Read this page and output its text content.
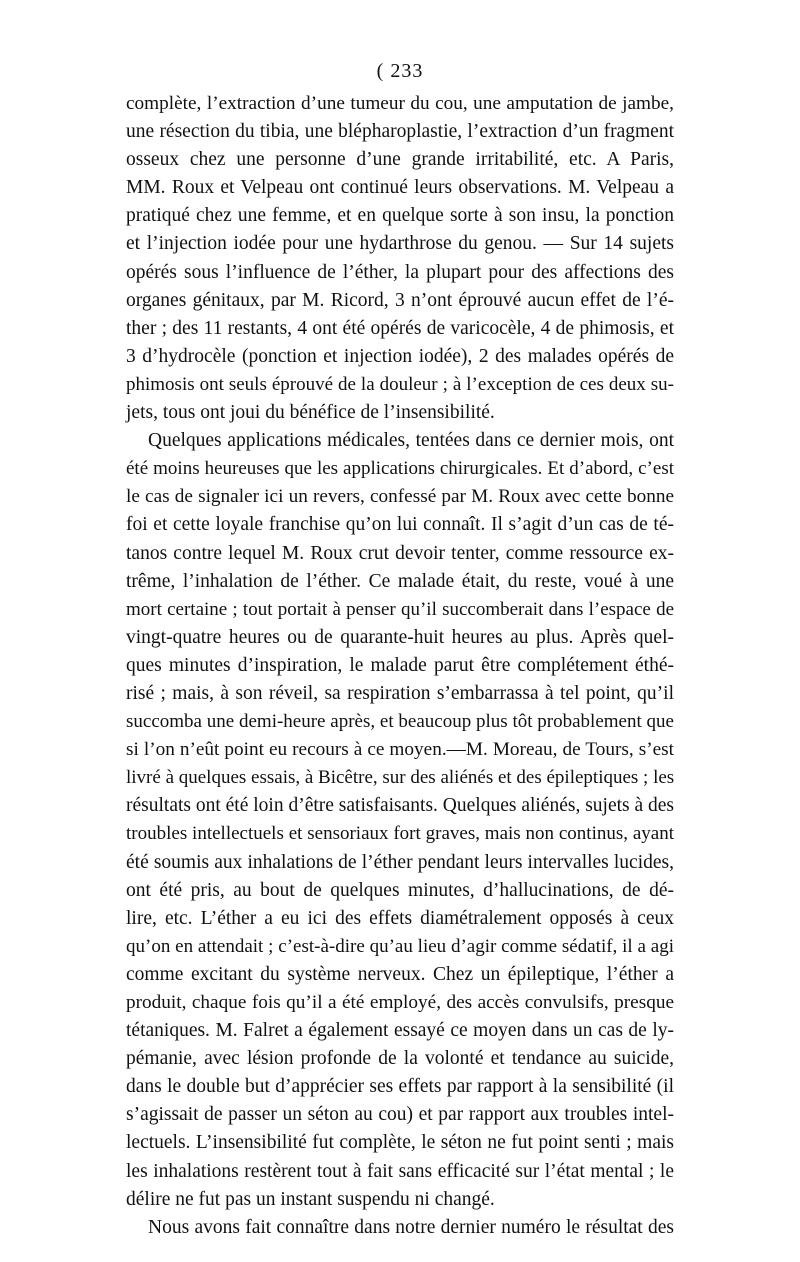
( 233
complète, l’extraction d’une tumeur du cou, une amputation de jambe,
une résection du tibia, une blépharoplastie, l’extraction d’un fragment
osseux chez une personne d’une grande irritabilité, etc. A Paris,
MM. Roux et Velpeau ont continué leurs observations. M. Velpeau a
pratiqué chez une femme, et en quelque sorte à son insu, la ponction
et l’injection iodée pour une hydarthrose du genou. — Sur 14 sujets
opérés sous l’influence de l’éther, la plupart pour des affections des
organes génitaux, par M. Ricord, 3 n’ont éprouvé aucun effet de l’é-
ther ; des 11 restants, 4 ont été opérés de varicocèle, 4 de phimosis, et
3 d’hydrocèle (ponction et injection iodée), 2 des malades opérés de
phimosis ont seuls éprouvé de la douleur ; à l’exception de ces deux su-
jets, tous ont joui du bénéfice de l’insensibilité.
Quelques applications médicales, tentées dans ce dernier mois, ont
été moins heureuses que les applications chirurgicales. Et d’abord, c’est
le cas de signaler ici un revers, confessé par M. Roux avec cette bonne
foi et cette loyale franchise qu’on lui connaît. Il s’agit d’un cas de té-
tanos contre lequel M. Roux crut devoir tenter, comme ressource ex-
trême, l’inhalation de l’éther. Ce malade était, du reste, voué à une
mort certaine ; tout portait à penser qu’il succomberait dans l’espace de
vingt-quatre heures ou de quarante-huit heures au plus. Après quel-
ques minutes d’inspiration, le malade parut être complétement éthé-
risé ; mais, à son réveil, sa respiration s’embarrassa à tel point, qu’il
succomba une demi-heure après, et beaucoup plus tôt probablement que
si l’on n’eût point eu recours à ce moyen.—M. Moreau, de Tours, s’est
livré à quelques essais, à Bicêtre, sur des aliénés et des épileptiques ; les
résultats ont été loin d’être satisfaisants. Quelques aliénés, sujets à des
troubles intellectuels et sensoriaux fort graves, mais non continus, ayant
été soumis aux inhalations de l’éther pendant leurs intervalles lucides,
ont été pris, au bout de quelques minutes, d’hallucinations, de dé-
lire, etc. L’éther a eu ici des effets diamétralement opposés à ceux
qu’on en attendait ; c’est-à-dire qu’au lieu d’agir comme sédatif, il a agi
comme excitant du système nerveux. Chez un épileptique, l’éther a
produit, chaque fois qu’il a été employé, des accès convulsifs, presque
tétaniques. M. Falret a également essayé ce moyen dans un cas de ly-
pémanie, avec lésion profonde de la volonté et tendance au suicide,
dans le double but d’apprécier ses effets par rapport à la sensibilité (il
s’agissait de passer un séton au cou) et par rapport aux troubles intel-
lectuels. L’insensibilité fut complète, le séton ne fut point senti ; mais
les inhalations restèrent tout à fait sans efficacité sur l’état mental ; le
délire ne fut pas un instant suspendu ni changé.
Nous avons fait connaître dans notre dernier numéro le résultat des
